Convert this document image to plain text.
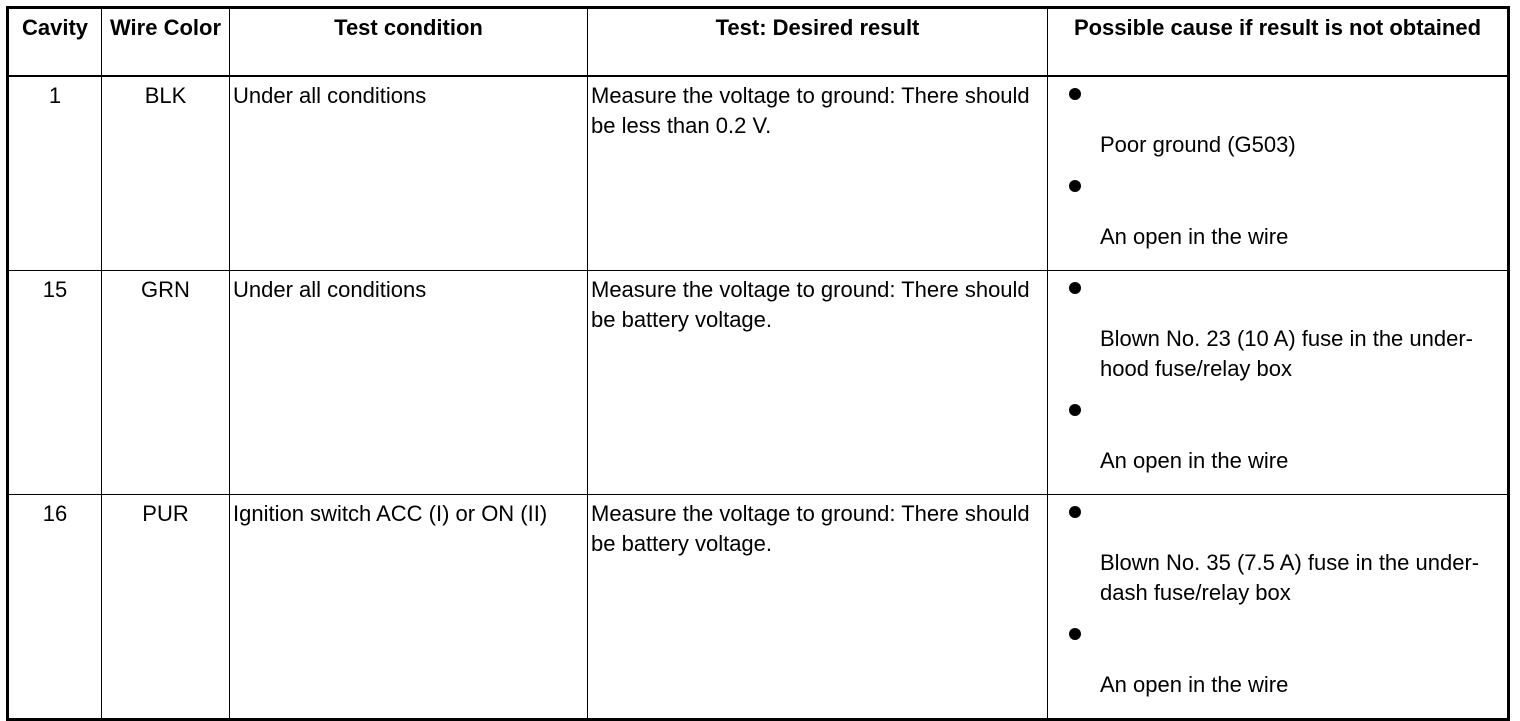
Cavity	Wire Color	Test condition	Test: Desired result	Possible cause if result is not obtained
1	BLK	Under all conditions	Measure the voltage to ground: There should be less than 0.2 V.	Poor ground (G503)
An open in the wire

15	GRN	Under all conditions	Measure the voltage to ground: There should be battery voltage.	Blown No. 23 (10 A) fuse in the under-hood fuse/relay box
An open in the wire

16	PUR	Ignition switch ACC (I) or ON (II)	Measure the voltage to ground: There should be battery voltage.	Blown No. 35 (7.5 A) fuse in the under-dash fuse/relay box
An open in the wire
